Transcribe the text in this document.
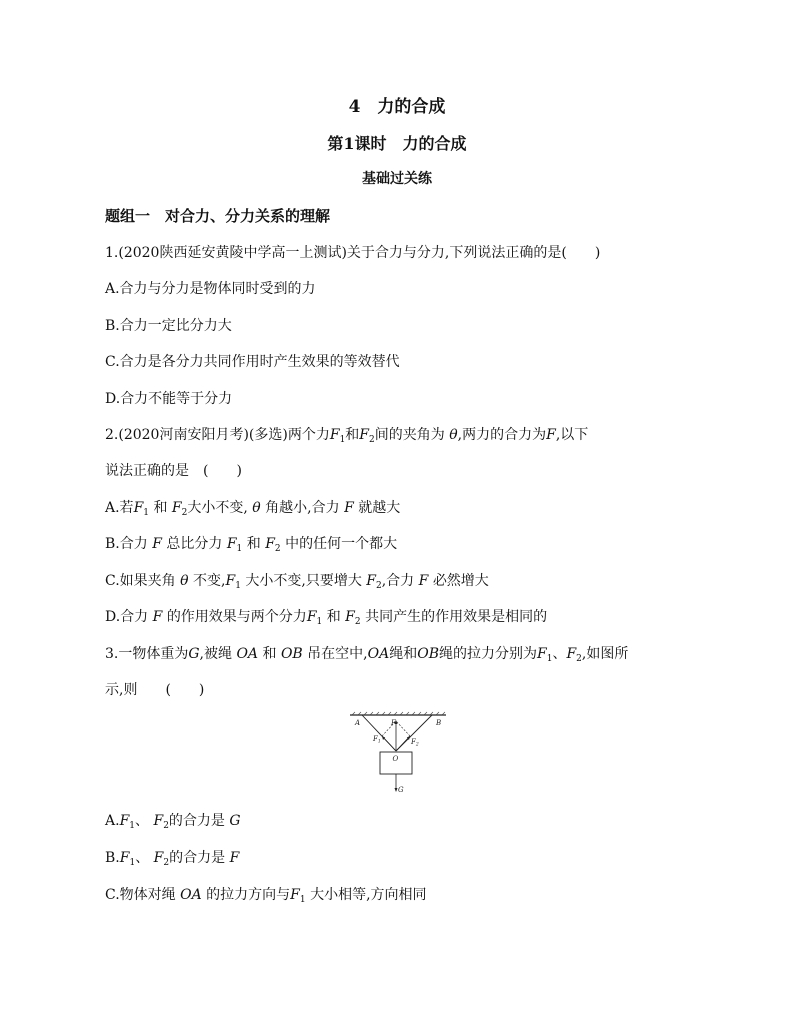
4　力的合成
第1课时　力的合成
基础过关练
题组一　对合力、分力关系的理解
1.(2020陕西延安黄陵中学高一上测试)关于合力与分力,下列说法正确的是(　　)
A.合力与分力是物体同时受到的力
B.合力一定比分力大
C.合力是各分力共同作用时产生效果的等效替代
D.合力不能等于分力
2.(2020河南安阳月考)(多选)两个力$F_1$和$F_2$间的夹角为 θ,两力的合力为F,以下
说法正确的是　(　　)
A.若$F_1$ 和 $F_2$大小不变, θ 角越小,合力 F 就越大
B.合力 F 总比分力 $F_1$ 和 $F_2$ 中的任何一个都大
C.如果夹角 θ 不变$,F_1$ 大小不变,只要增大 $F_2$,合力 F 必然增大
D.合力 F 的作用效果与两个分力$F_1$ 和 $F_2$ 共同产生的作用效果是相同的
3.一物体重为G,被绳 OA 和 OB 吊在空中,OA绳和OB绳的拉力分别为$F_1$、$F_2$,如图所
示,则　　(　　)
A	B
F
$F_1$	$F_2$
O
G
$A.F_1$、 $F_2$的合力是 G
$B.F_1$、 $F_2$的合力是 F
C.物体对绳 OA 的拉力方向与$F_1$ 大小相等,方向相同
